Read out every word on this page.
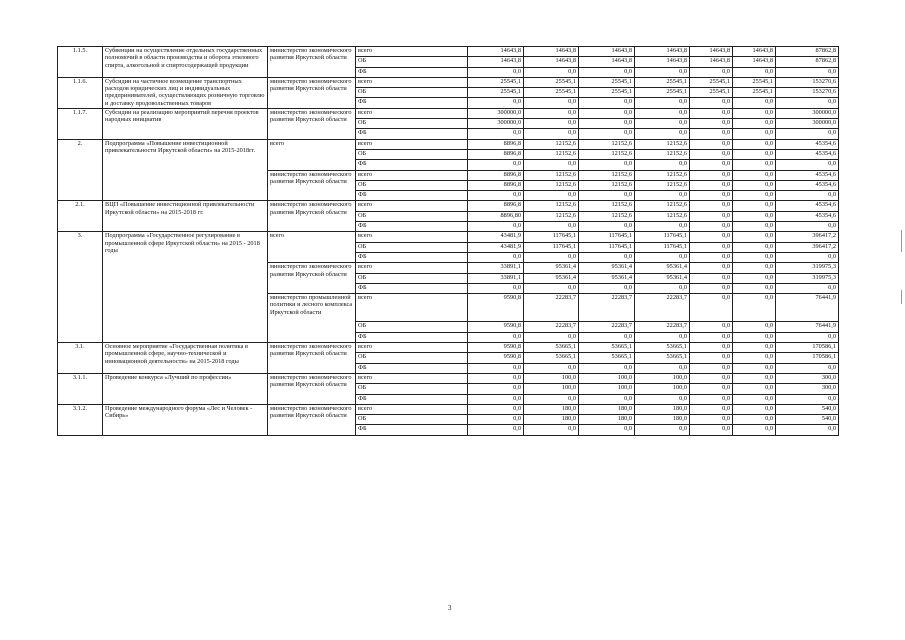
1.1.5.	Субвенции на осуществление отдельных государственных полномочий в области производства и оборота этилового спирта, алкогольной и спиртосодержащей продукции	министерство экономического развития Иркутской области	всего	14643,8	14643,8	14643,8	14643,8	14643,8	14643,8	87862,8
			ОБ	14643,8	14643,8	14643,8	14643,8	14643,8	14643,8	87862,8
			ФБ	0,0	0,0	0,0	0,0	0,0	0,0	0,0
1.1.6.	Субсидии на частичное возмещение транспортных расходов юридических лиц и индивидуальных предпринимателей, осуществляющих розничную торговлю и доставку продовольственных товаров	министерство экономического развития Иркутской области	всего	25545,1	25545,1	25545,1	25545,1	25545,1	25545,1	153270,6
			ОБ	25545,1	25545,1	25545,1	25545,1	25545,1	25545,1	153270,6
			ФБ	0,0	0,0	0,0	0,0	0,0	0,0	0,0
1.1.7.	Субсидии на реализацию мероприятий перечня проектов народных инициатив	министерство экономического развития Иркутской области	всего	300000,0	0,0	0,0	0,0	0,0	0,0	300000,0
			ОБ	300000,0	0,0	0,0	0,0	0,0	0,0	300000,0
			ФБ	0,0	0,0	0,0	0,0	0,0	0,0	0,0
2.	Подпрограмма «Повышение инвестиционной привлекательности Иркутской области» на 2015-2018гг.	всего	всего	8896,8	12152,6	12152,6	12152,6	0,0	0,0	45354,6
			ОБ	8896,8	12152,6	12152,6	12152,6	0,0	0,0	45354,6
			ФБ	0,0	0,0	0,0	0,0	0,0	0,0	0,0
		министерство экономического развития Иркутской области	всего	8896,8	12152,6	12152,6	12152,6	0,0	0,0	45354,6
			ОБ	8896,8	12152,6	12152,6	12152,6	0,0	0,0	45354,6
			ФБ	0,0	0,0	0,0	0,0	0,0	0,0	0,0
2.1.	ВЦП «Повышение инвестиционной привлекательности Иркутской области» на 2015-2018 гг.	министерство экономического развития Иркутской области	всего	8896,8	12152,6	12152,6	12152,6	0,0	0,0	45354,6
			ОБ	8896,80	12152,6	12152,6	12152,6	0,0	0,0	45354,6
			ФБ	0,0	0,0	0,0	0,0	0,0	0,0	0,0
3.	Подпрограмма «Государственное регулирование в промышленной сфере Иркутской области» на 2015 - 2018 годы	всего	всего	43481,9	117645,1	117645,1	117645,1	0,0	0,0	396417,2
			ОБ	43481,9	117645,1	117645,1	117645,1	0,0	0,0	396417,2
			ФБ	0,0	0,0	0,0	0,0	0,0	0,0	0,0
		министерство экономического развития Иркутской области	всего	33891,1	95361,4	95361,4	95361,4	0,0	0,0	319975,3
			ОБ	33891,1	95361,4	95361,4	95361,4	0,0	0,0	319975,3
			ФБ	0,0	0,0	0,0	0,0	0,0	0,0	0,0
		министерство промышленной политики и лесного комплекса Иркутской области	всего	9590,8	22283,7	22283,7	22283,7	0,0	0,0	76441,9
			ОБ	9590,8	22283,7	22283,7	22283,7	0,0	0,0	76441,9
			ФБ	0,0	0,0	0,0	0,0	0,0	0,0	0,0
3.1.	Основное мероприятие «Государственная политика в промышленной сфере, научно-технической и инновационной деятельности» на 2015-2018 годы	министерство экономического развития Иркутской области	всего	9590,8	53665,1	53665,1	53665,1	0,0	0,0	170586,1
			ОБ	9590,8	53665,1	53665,1	53665,1	0,0	0,0	170586,1
			ФБ	0,0	0,0	0,0	0,0	0,0	0,0	0,0
3.1.1.	Проведение конкурса «Лучший по профессии»	министерство экономического развития Иркутской области	всего	0,0	100,0	100,0	100,0	0,0	0,0	300,0
			ОБ	0,0	100,0	100,0	100,0	0,0	0,0	300,0
			ФБ	0,0	0,0	0,0	0,0	0,0	0,0	0,0
3.1.2.	Проведение международного форума «Лес и Человек - Сибирь»	министерство экономического развития Иркутской области	всего	0,0	180,0	180,0	180,0	0,0	0,0	540,0
			ОБ	0,0	180,0	180,0	180,0	0,0	0,0	540,0
			ФБ	0,0	0,0	0,0	0,0	0,0	0,0	0,0
3
